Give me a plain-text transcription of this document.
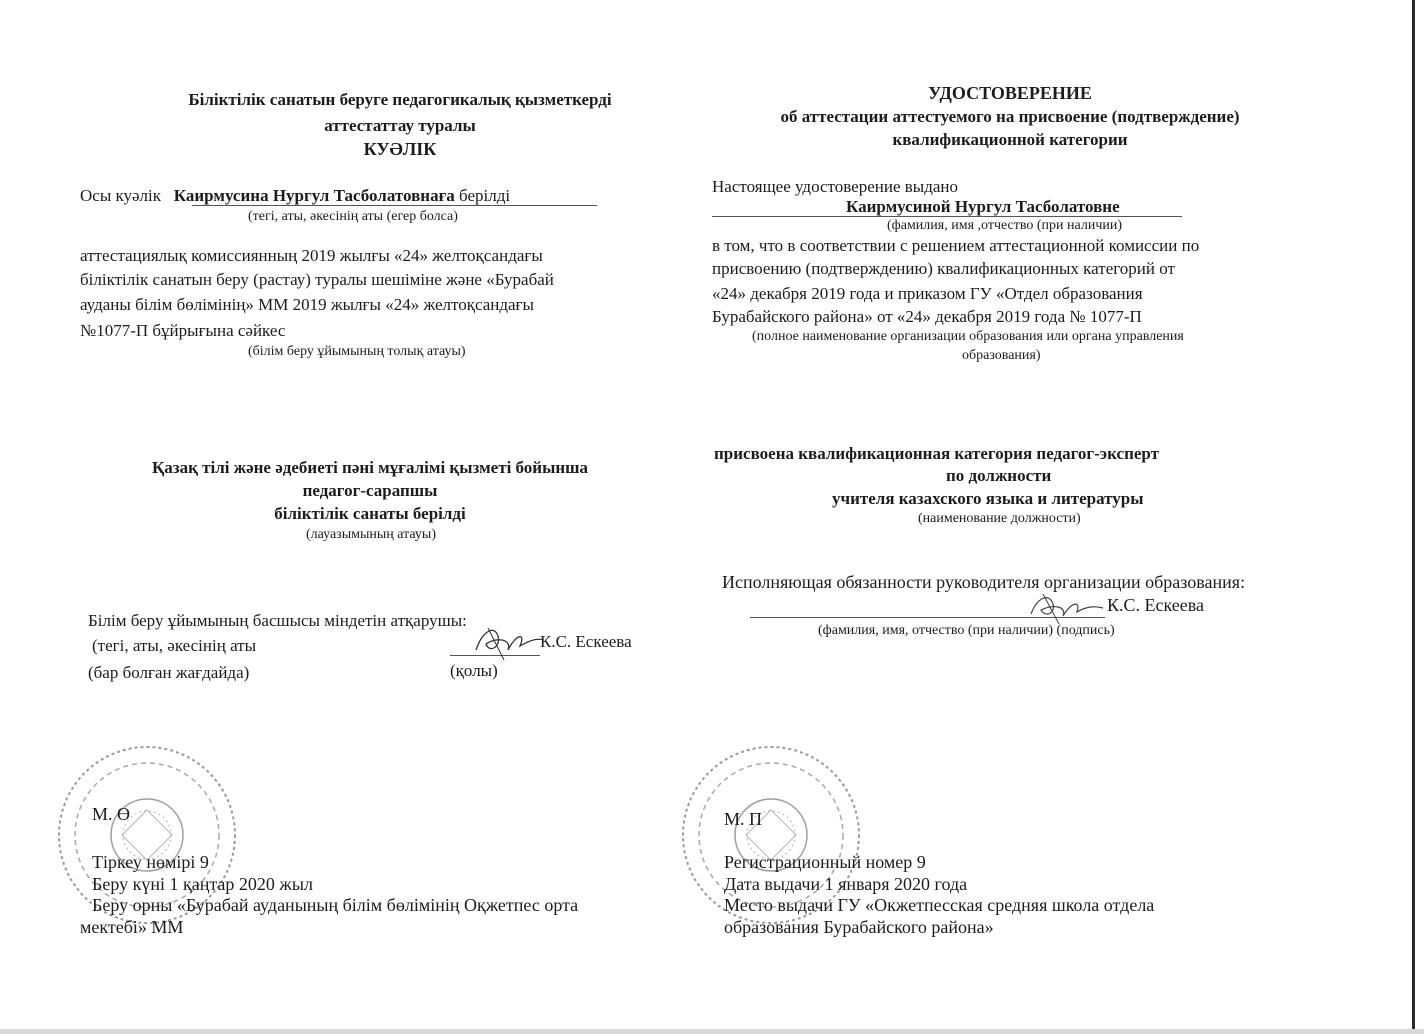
Біліктілік санатын беруге педагогикалық қызметкерді
аттестаттау туралы
КУӘЛІК
Осы куәлік Каирмусина Нургул Тасболатовнаға берілді
(тегі, аты, әкесінің аты (егер болса)
аттестациялық комиссиянның 2019 жылғы «24» желтоқсандағы
біліктілік санатын беру (растау) туралы шешіміне және «Бурабай
ауданы білім бөлімінің» ММ 2019 жылғы «24» желтоқсандағы
№1077-П бұйрығына сәйкес
(білім беру ұйымының толық атауы)
Қазақ тілі және әдебиеті пәні мұғалімі қызметі бойынша
педагог-сарапшы
біліктілік санаты берілді
(лауазымының атауы)
Білім беру ұйымының басшысы міндетін атқарушы:
(тегі, аты, әкесінің аты
(бар болған жағдайда)
К.С. Ескеева
(қолы)
М. Ө
Тіркеу нөмірі 9
Беру күні 1 қаңтар 2020 жыл
Беру орны «Бурабай ауданының білім бөлімінің Оқжетпес орта
мектебі» ММ
УДОСТОВЕРЕНИЕ
об аттестации аттестуемого на присвоение (подтверждение)
квалификационной категории
Настоящее удостоверение выдано
Каирмусиной Нургул Тасболатовне
(фамилия, имя ,отчество (при наличии)
в том, что в соответствии с решением аттестационной комиссии по
присвоению (подтверждению) квалификационных категорий от
«24» декабря 2019 года и приказом ГУ «Отдел образования
Бурабайского района» от «24» декабря 2019 года № 1077-П
(полное наименование организации образования или органа управления
образования)
присвоена квалификационная категория педагог-эксперт
по должности
учителя казахского языка и литературы
(наименование должности)
Исполняющая обязанности руководителя организации образования:
К.С. Ескеева
(фамилия, имя, отчество (при наличии) (подпись)
М. П
Регистрационный номер 9
Дата выдачи 1 января 2020 года
Место выдачи ГУ «Окжетпесская средняя школа отдела
образования Бурабайского района»
